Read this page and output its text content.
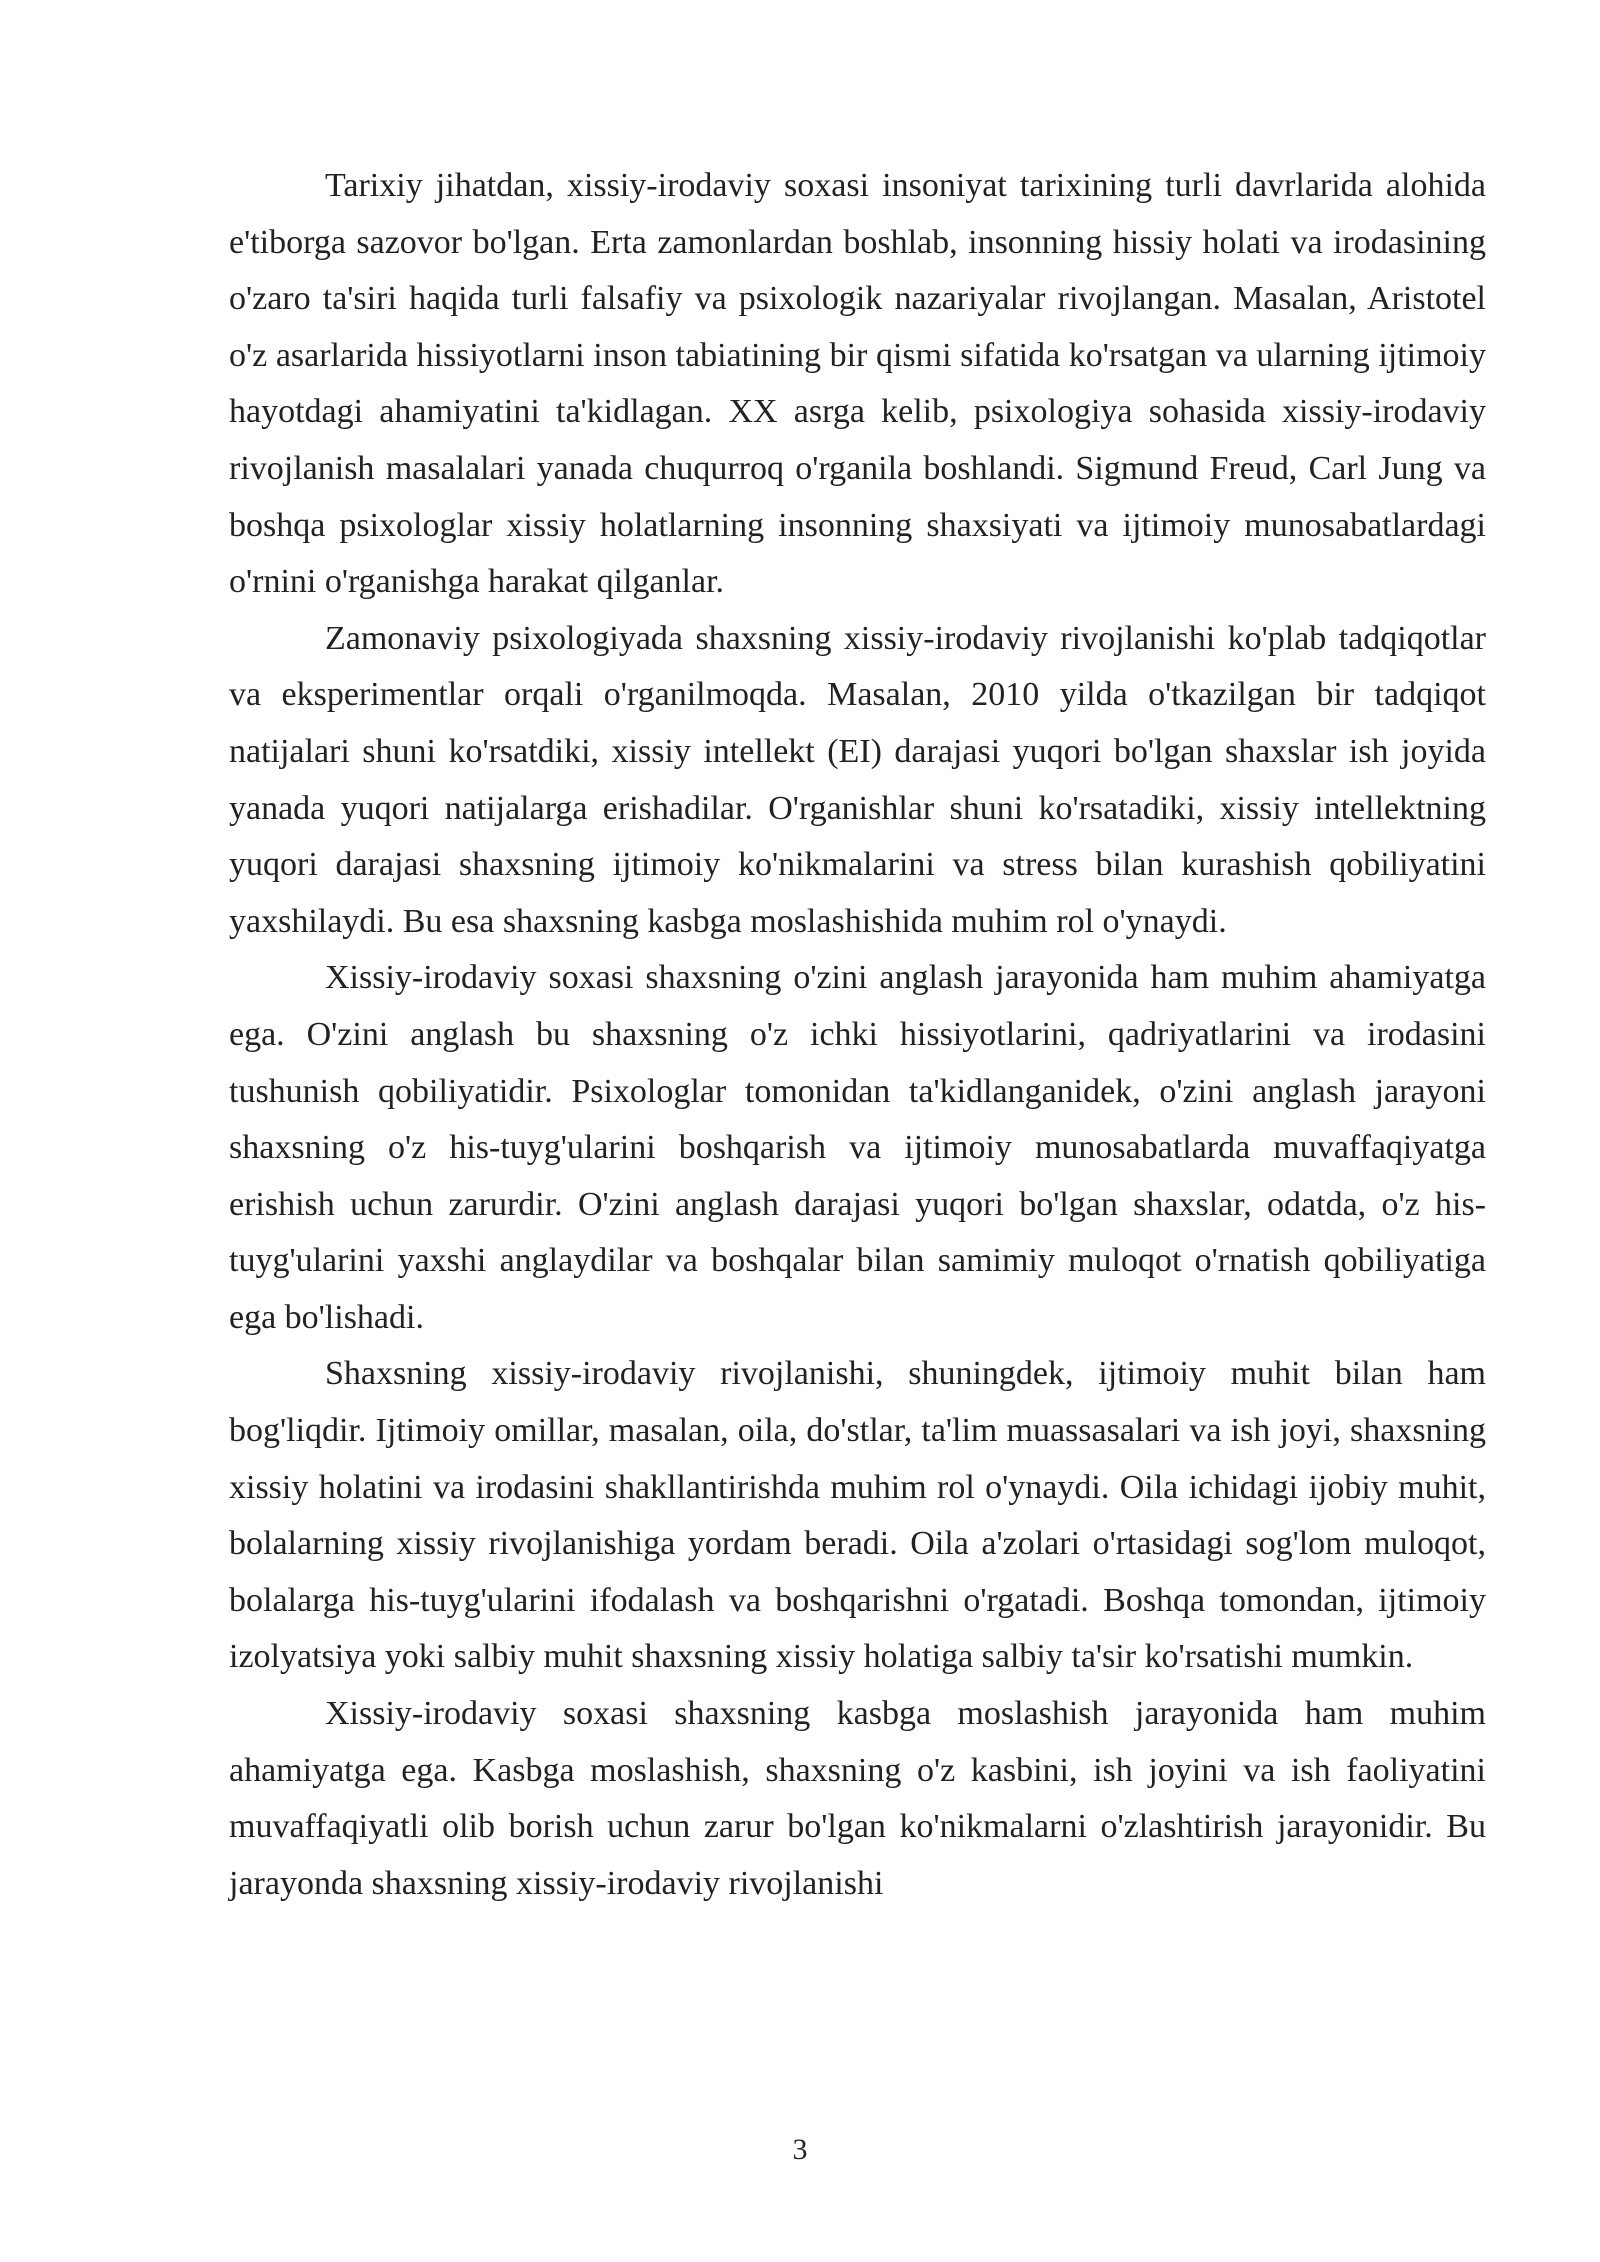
Tarixiy jihatdan, xissiy-irodaviy soxasi insoniyat tarixining turli davrlarida alohida e'tiborga sazovor bo'lgan. Erta zamonlardan boshlab, insonning hissiy holati va irodasining o'zaro ta'siri haqida turli falsafiy va psixologik nazariyalar rivojlangan. Masalan, Aristotel o'z asarlarida hissiyotlarni inson tabiatining bir qismi sifatida ko'rsatgan va ularning ijtimoiy hayotdagi ahamiyatini ta'kidlagan. XX asrga kelib, psixologiya sohasida xissiy-irodaviy rivojlanish masalalari yanada chuqurroq o'rganila boshlandi. Sigmund Freud, Carl Jung va boshqa psixologlar xissiy holatlarning insonning shaxsiyati va ijtimoiy munosabatlardagi o'rnini o'rganishga harakat qilganlar.

Zamonaviy psixologiyada shaxsning xissiy-irodaviy rivojlanishi ko'plab tadqiqotlar va eksperimentlar orqali o'rganilmoqda. Masalan, 2010 yilda o'tkazilgan bir tadqiqot natijalari shuni ko'rsatdiki, xissiy intellekt (EI) darajasi yuqori bo'lgan shaxslar ish joyida yanada yuqori natijalarga erishadilar. O'rganishlar shuni ko'rsatadiki, xissiy intellektning yuqori darajasi shaxsning ijtimoiy ko'nikmalarini va stress bilan kurashish qobiliyatini yaxshilaydi. Bu esa shaxsning kasbga moslashishida muhim rol o'ynaydi.

Xissiy-irodaviy soxasi shaxsning o'zini anglash jarayonida ham muhim ahamiyatga ega. O'zini anglash bu shaxsning o'z ichki hissiyotlarini, qadriyatlarini va irodasini tushunish qobiliyatidir. Psixologlar tomonidan ta'kidlanganidek, o'zini anglash jarayoni shaxsning o'z his-tuyg'ularini boshqarish va ijtimoiy munosabatlarda muvaffaqiyatga erishish uchun zarurdir. O'zini anglash darajasi yuqori bo'lgan shaxslar, odatda, o'z his-tuyg'ularini yaxshi anglaydilar va boshqalar bilan samimiy muloqot o'rnatish qobiliyatiga ega bo'lishadi.

Shaxsning xissiy-irodaviy rivojlanishi, shuningdek, ijtimoiy muhit bilan ham bog'liqdir. Ijtimoiy omillar, masalan, oila, do'stlar, ta'lim muassasalari va ish joyi, shaxsning xissiy holatini va irodasini shakllantirishda muhim rol o'ynaydi. Oila ichidagi ijobiy muhit, bolalarning xissiy rivojlanishiga yordam beradi. Oila a'zolari o'rtasidagi sog'lom muloqot, bolalarga his-tuyg'ularini ifodalash va boshqarishni o'rgatadi. Boshqa tomondan, ijtimoiy izolyatsiya yoki salbiy muhit shaxsning xissiy holatiga salbiy ta'sir ko'rsatishi mumkin.

Xissiy-irodaviy soxasi shaxsning kasbga moslashish jarayonida ham muhim ahamiyatga ega. Kasbga moslashish, shaxsning o'z kasbini, ish joyini va ish faoliyatini muvaffaqiyatli olib borish uchun zarur bo'lgan ko'nikmalarni o'zlashtirish jarayonidir. Bu jarayonda shaxsning xissiy-irodaviy rivojlanishi

3
